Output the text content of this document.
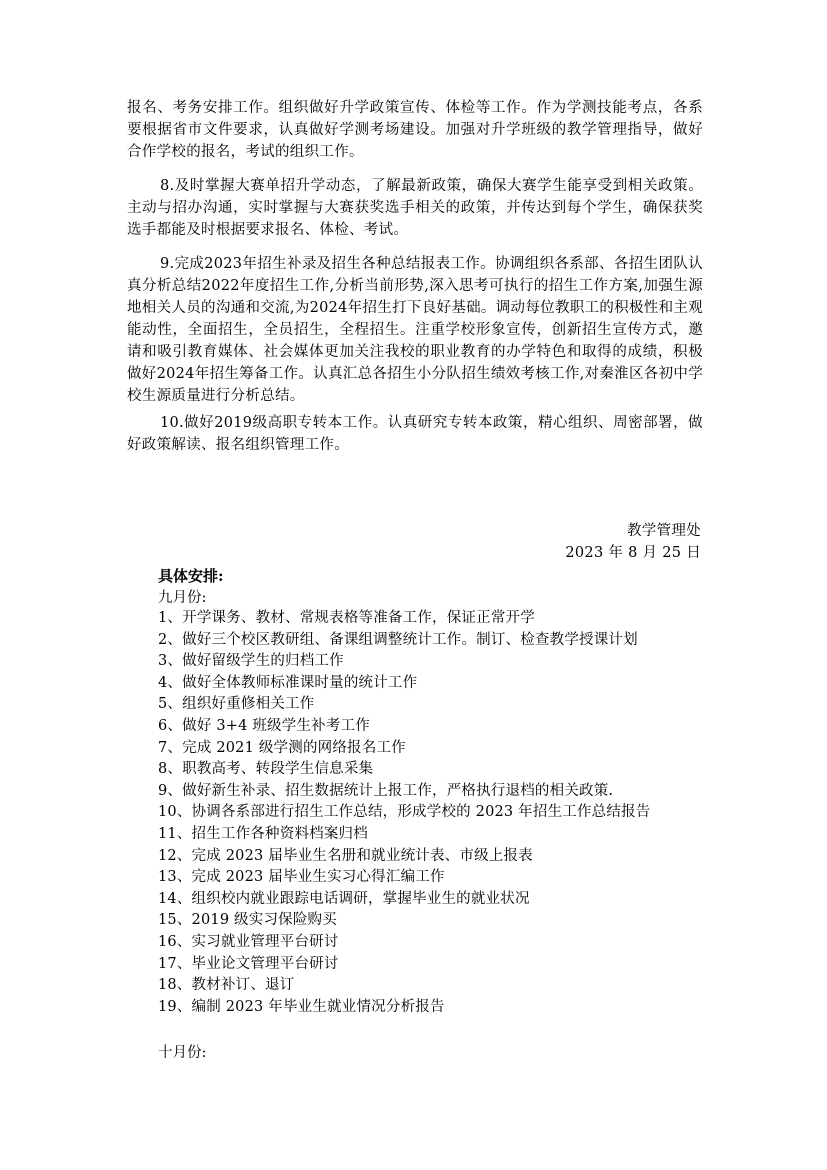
报名、考务安排工作。组织做好升学政策宣传、体检等工作。作为学测技能考点，各系要根据省市文件要求，认真做好学测考场建设。加强对升学班级的教学管理指导，做好合作学校的报名，考试的组织工作。

8.及时掌握大赛单招升学动态，了解最新政策，确保大赛学生能享受到相关政策。主动与招办沟通，实时掌握与大赛获奖选手相关的政策，并传达到每个学生，确保获奖选手都能及时根据要求报名、体检、考试。

9.完成2023年招生补录及招生各种总结报表工作。协调组织各系部、各招生团队认真分析总结2022年度招生工作,分析当前形势,深入思考可执行的招生工作方案,加强生源地相关人员的沟通和交流,为2024年招生打下良好基础。调动每位教职工的积极性和主观能动性，全面招生，全员招生，全程招生。注重学校形象宣传，创新招生宣传方式，邀请和吸引教育媒体、社会媒体更加关注我校的职业教育的办学特色和取得的成绩，积极做好2024年招生筹备工作。认真汇总各招生小分队招生绩效考核工作,对秦淮区各初中学校生源质量进行分析总结。

10.做好2019级高职专转本工作。认真研究专转本政策，精心组织、周密部署，做好政策解读、报名组织管理工作。

教学管理处
2023 年 8 月 25 日
具体安排:
九月份:
1、开学课务、教材、常规表格等准备工作，保证正常开学
2、做好三个校区教研组、备课组调整统计工作。制订、检查教学授课计划
3、做好留级学生的归档工作
4、做好全体教师标准课时量的统计工作
5、组织好重修相关工作
6、做好 3+4 班级学生补考工作
7、完成 2021 级学测的网络报名工作
8、职教高考、转段学生信息采集
9、做好新生补录、招生数据统计上报工作，严格执行退档的相关政策.
10、协调各系部进行招生工作总结，形成学校的 2023 年招生工作总结报告
11、招生工作各种资料档案归档
12、完成 2023 届毕业生名册和就业统计表、市级上报表
13、完成 2023 届毕业生实习心得汇编工作
14、组织校内就业跟踪电话调研，掌握毕业生的就业状况
15、2019 级实习保险购买
16、实习就业管理平台研讨
17、毕业论文管理平台研讨
18、教材补订、退订
19、编制 2023 年毕业生就业情况分析报告
十月份:
